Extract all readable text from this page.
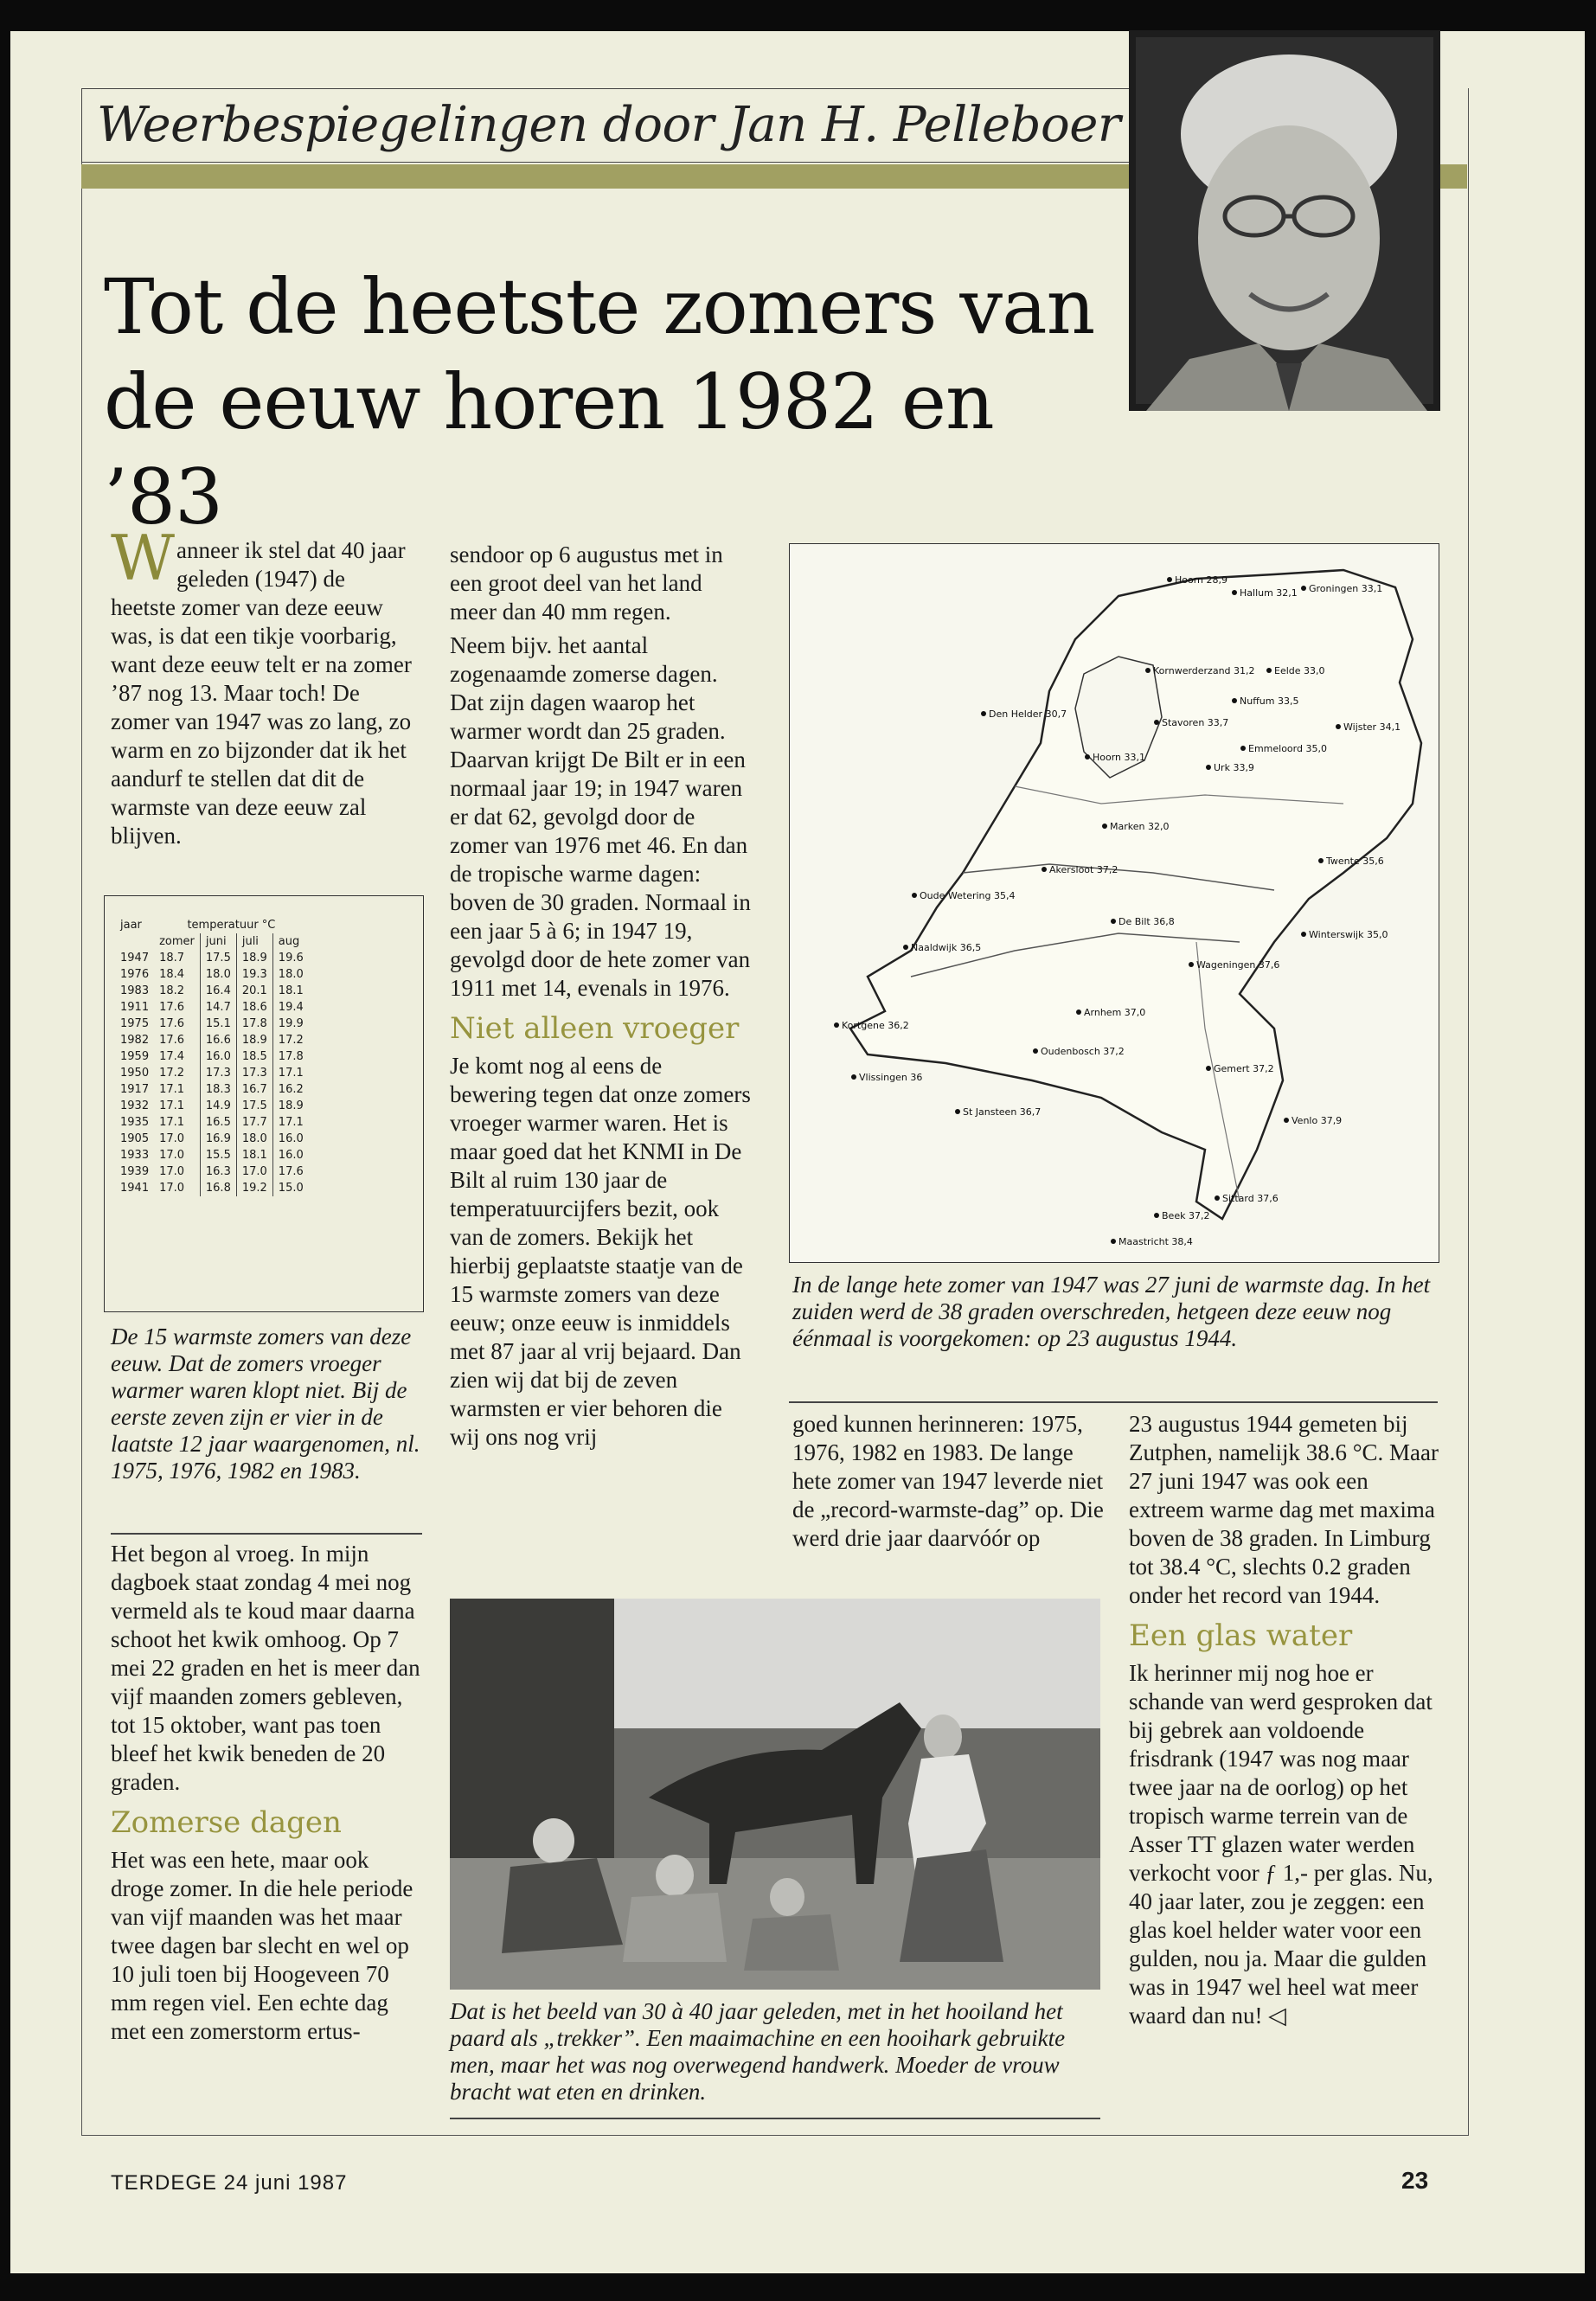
Weerbespiegelingen door Jan H. Pelleboer
Tot de heetste zomers van
de eeuw horen 1982 en ’83

Wanneer ik stel dat 40 jaar geleden (1947) de heetste zomer van deze eeuw was, is dat een tikje voorbarig, want deze eeuw telt er na zomer ’87 nog 13. Maar toch! De zomer van 1947 was zo lang, zo warm en zo bijzonder dat ik het aandurf te stellen dat dit de warmste van deze eeuw zal blijven.

jaar	temperatuur °C			
	zomer	juni	juli	aug
1947	18.7	17.5	18.9	19.6
1976	18.4	18.0	19.3	18.0
1983	18.2	16.4	20.1	18.1
1911	17.6	14.7	18.6	19.4
1975	17.6	15.1	17.8	19.9
1982	17.6	16.6	18.9	17.2
1959	17.4	16.0	18.5	17.8
1950	17.2	17.3	17.3	17.1
1917	17.1	18.3	16.7	16.2
1932	17.1	14.9	17.5	18.9
1935	17.1	16.5	17.7	17.1
1905	17.0	16.9	18.0	16.0
1933	17.0	15.5	18.1	16.0
1939	17.0	16.3	17.0	17.6
1941	17.0	16.8	19.2	15.0
De 15 warmste zomers van deze eeuw. Dat de zomers vroeger warmer waren klopt niet. Bij de eerste zeven zijn er vier in de laatste 12 jaar waargenomen, nl. 1975, 1976, 1982 en 1983.

Het begon al vroeg. In mijn dagboek staat zondag 4 mei nog vermeld als te koud maar daarna schoot het kwik omhoog. Op 7 mei 22 graden en het is meer dan vijf maanden zomers gebleven, tot 15 oktober, want pas toen bleef het kwik beneden de 20 graden.

Zomerse dagen

Het was een hete, maar ook droge zomer. In die hele periode van vijf maanden was het maar twee dagen bar slecht en wel op 10 juli toen bij Hoogeveen 70 mm regen viel. Een echte dag met een zomerstorm ertus-

sendoor op 6 augustus met in een groot deel van het land meer dan 40 mm regen.

Neem bijv. het aantal zogenaamde zomerse dagen. Dat zijn dagen waarop het warmer wordt dan 25 graden. Daarvan krijgt De Bilt er in een normaal jaar 19; in 1947 waren er dat 62, gevolgd door de zomer van 1976 met 46. En dan de tropische warme dagen: boven de 30 graden. Normaal in een jaar 5 à 6; in 1947 19, gevolgd door de hete zomer van 1911 met 14, evenals in 1976.

Niet alleen vroeger

Je komt nog al eens de bewering tegen dat onze zomers vroeger warmer waren. Het is maar goed dat het KNMI in De Bilt al ruim 130 jaar de temperatuurcijfers bezit, ook van de zomers. Bekijk het hierbij geplaatste staatje van de 15 warmste zomers van deze eeuw; onze eeuw is inmiddels met 87 jaar al vrij bejaard. Dan zien wij dat bij de zeven warmsten er vier behoren die wij ons nog vrij

Hoorn 28,9
Hallum 32,1 Groningen 33,1
Den Helder 30,7
Kornwerderzand 31,2 Eelde 33,0
Nuffum 33,5
Stavoren 33,7	Wijster 34,1
Emmeloord 35,0
Hoorn 33,1
Urk 33,9
Marken 32,0
Akersloot 37,2
Oude Wetering 35,4
Twente 35,6
Naaldwijk 36,5
De Bilt 36,8
Winterswijk 35,0
Wageningen 37,6
Arnhem 37,0
Oudenbosch 37,2
Kortgene 36,2
Vlissingen 36
Gemert 37,2
St Jansteen 36,7
Venlo 37,9
Sittard 37,6
Beek 37,2
Maastricht 38,4
In de lange hete zomer van 1947 was 27 juni de warmste dag. In het zuiden werd de 38 graden overschreden, hetgeen deze eeuw nog éénmaal is voorgekomen: op 23 augustus 1944.

goed kunnen herinneren: 1975, 1976, 1982 en 1983. De lange hete zomer van 1947 leverde niet de „record-warmste-dag” op. Die werd drie jaar daarvóór op

23 augustus 1944 gemeten bij Zutphen, namelijk 38.6 °C. Maar 27 juni 1947 was ook een extreem warme dag met maxima boven de 38 graden. In Limburg tot 38.4 °C, slechts 0.2 graden onder het record van 1944.

Een glas water

Ik herinner mij nog hoe er schande van werd gesproken dat bij gebrek aan voldoende frisdrank (1947 was nog maar twee jaar na de oorlog) op het tropisch warme terrein van de Asser TT glazen water werden verkocht voor ƒ 1,- per glas. Nu, 40 jaar later, zou je zeggen: een glas koel helder water voor een gulden, nou ja. Maar die gulden was in 1947 wel heel wat meer waard dan nu! ◁

Dat is het beeld van 30 à 40 jaar geleden, met in het hooiland het paard als „trekker”. Een maaimachine en een hooihark gebruikte men, maar het was nog overwegend handwerk. Moeder de vrouw bracht wat eten en drinken.
TERDEGE 24 juni 1987	23
